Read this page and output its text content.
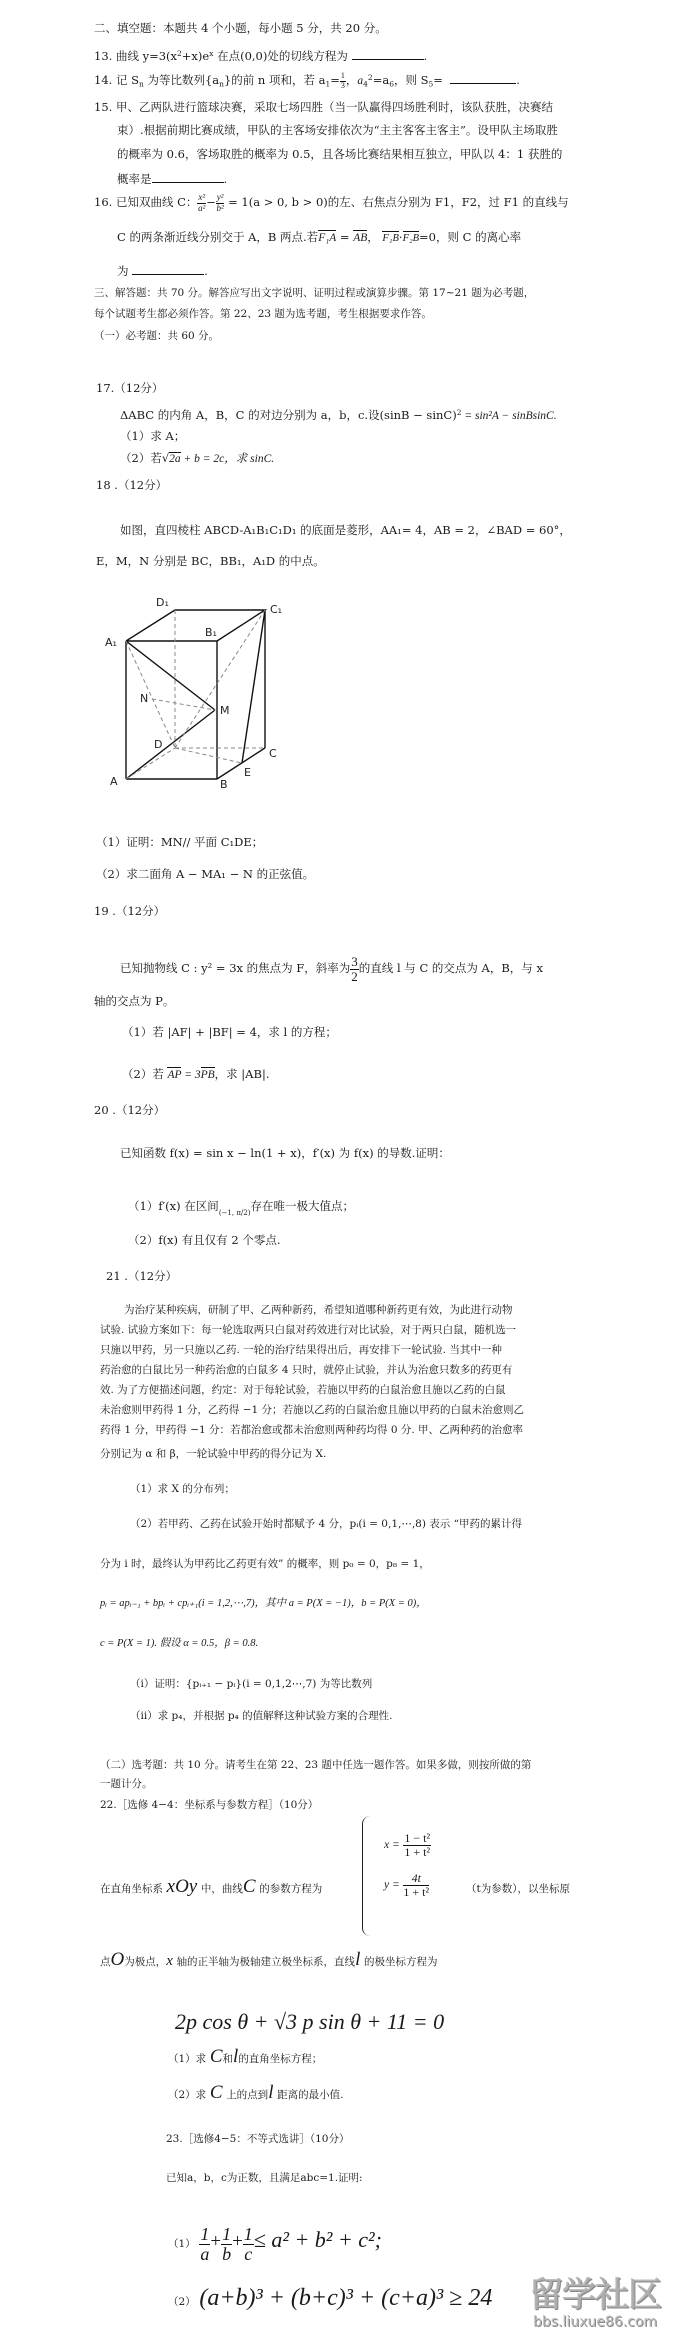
二、填空题：本题共 4 个小题，每小题 5 分，共 20 分。
13. 曲线 $y=3(x^2+x)e^x$ 在点(0,0)处的切线方程为	.
14. 记 $S_n$ 为等比数列$\{a_n\}$的前 n 项和，若 $a_1= \frac{1}{3}$ ，$a_4^2=a_6$，则 $S_5=$	.
15. 甲、乙两队进行篮球决赛，采取七场四胜（当一队赢得四场胜利时，该队获胜，决赛结
束）.根据前期比赛成绩，甲队的主客场安排依次为“主主客客主客主”。设甲队主场取胜
的概率为 0.6，客场取胜的概率为 0.5，且各场比赛结果相互独立，甲队以 4：1 获胜的
概率是	.
16. 已知双曲线 C： $\frac{\text{x²}}{\text{a²}} - \frac{\text{y²}}{\text{b²}} = 1(a > 0$, b > 0)的左、右焦点分别为 F1，F2，过 F1 的直线与
C 的两条渐近线分别交于 A，B 两点.若F₁A = AB， F₁B·F₂B=0，则 C 的离心率
为	.
三、解答题：共 70 分。解答应写出文字说明、证明过程或演算步骤。第 17~21 题为必考题，
每个试题考生都必须作答。第 22、23 题为选考题，考生根据要求作答。
（一）必考题：共 60 分。
17.（12分）
ΔABC 的内角 A，B，C 的对边分别为 a，b，c.设$(\sin B - \sin C)^2 = \sin^2A$ − sinBsinC.
（1）求 A；
（2）若√2a + b = 2c，求 sinC.
18 .（12分）
如图，直四棱柱 ABCD-A₁B₁C₁D₁ 的底面是菱形，AA₁= 4，AB = 2，∠BAD = 60°，
E，M，N 分别是 BC，BB₁，A₁D 的中点。
D₁
C₁
A₁
B₁
N
M
D
C
A	B
E
（1）证明：MN// 平面 C₁DE；
（2）求二面角 A − MA₁ − N 的正弦值。
19 .（12分）
已知抛物线 C : y² = 3x 的焦点为 F，斜率为 $\frac{3}{2}$ 的直线 l 与 C 的交点为 A，B，与 x
轴的交点为 P。
（1）若 |AF| + |BF| = 4，求 l 的方程；
（2）若 AP = 3PB，求 |AB|.
20 .（12分）
已知函数 f(x) = sin x − ln(1 + x)，f′(x) 为 f(x) 的导数.证明：
（1）f′(x) 在区间$_{(-1, \pi/2)}$存在唯一极大值点；
（2）f(x) 有且仅有 2 个零点.
21 .（12分）
为治疗某种疾病，研制了甲、乙两种新药，希望知道哪种新药更有效，为此进行动物
试验. 试验方案如下：每一轮选取两只白鼠对药效进行对比试验，对于两只白鼠，随机选一
只施以甲药，另一只施以乙药. 一轮的治疗结果得出后，再安排下一轮试验. 当其中一种
药治愈的白鼠比另一种药治愈的白鼠多 4 只时，就停止试验，并认为治愈只数多的药更有
效. 为了方便描述问题，约定：对于每轮试验，若施以甲药的白鼠治愈且施以乙药的白鼠
未治愈则甲药得 1 分，乙药得 −1 分；若施以乙药的白鼠治愈且施以甲药的白鼠未治愈则乙
药得 1 分，甲药得 −1 分：若都治愈或都未治愈则两种药均得 0 分. 甲、乙两种药的治愈率
分别记为 α 和 β，一轮试验中甲药的得分记为 X.
（1）求 X 的分布列；
（2）若甲药、乙药在试验开始时都赋予 4 分，pᵢ(i = 0,1,⋯,8) 表示 “甲药的累计得
分为 i 时，最终认为甲药比乙药更有效” 的概率，则 p₀ = 0，p₈ = 1，
pᵢ = apᵢ₋₁ + bpᵢ + cpᵢ₊₁(i = 1,2,⋯,7)，其中 a = P(X = −1)，b = P(X = 0)，
c = P(X = 1). 假设 α = 0.5，β = 0.8.
（i）证明：{pᵢ₊₁ − pᵢ}(i = 0,1,2⋯,7) 为等比数列
（ii）求 p₄，并根据 p₄ 的值解释这种试验方案的合理性.
（二）选考题：共 10 分。请考生在第 22、23 题中任选一题作答。如果多做，则按所做的第
一题计分。
22.［选修 4−4：坐标系与参数方程］（10分）
$x = \frac{\text{1 − t²}}{\text{1 + t²}}$
在直角坐标系 xOy 中，曲线C 的参数方程为	$y = \frac{4t}{\text{1 + t²}}$	（t为参数），以坐标原
点O为极点，x 轴的正半轴为极轴建立极坐标系，直线l 的极坐标方程为
2p cos θ + √3 p sin θ + 11 = 0
（1）求 C和l的直角坐标方程；
（2）求 C 上的点到l 距离的最小值.
23.［选修4−5：不等式选讲］（10分）
已知a，b，c为正数，且满足abc=1.证明:
$(1) \frac{1}{a} + \frac{1}{b} + \frac{1}{c} \le a^2 + b^2 + c^2$;
（2） (a+b)³ + (b+c)³ + (c+a)³ ≥ 24	留学社区
bbs.liuxue86.com
